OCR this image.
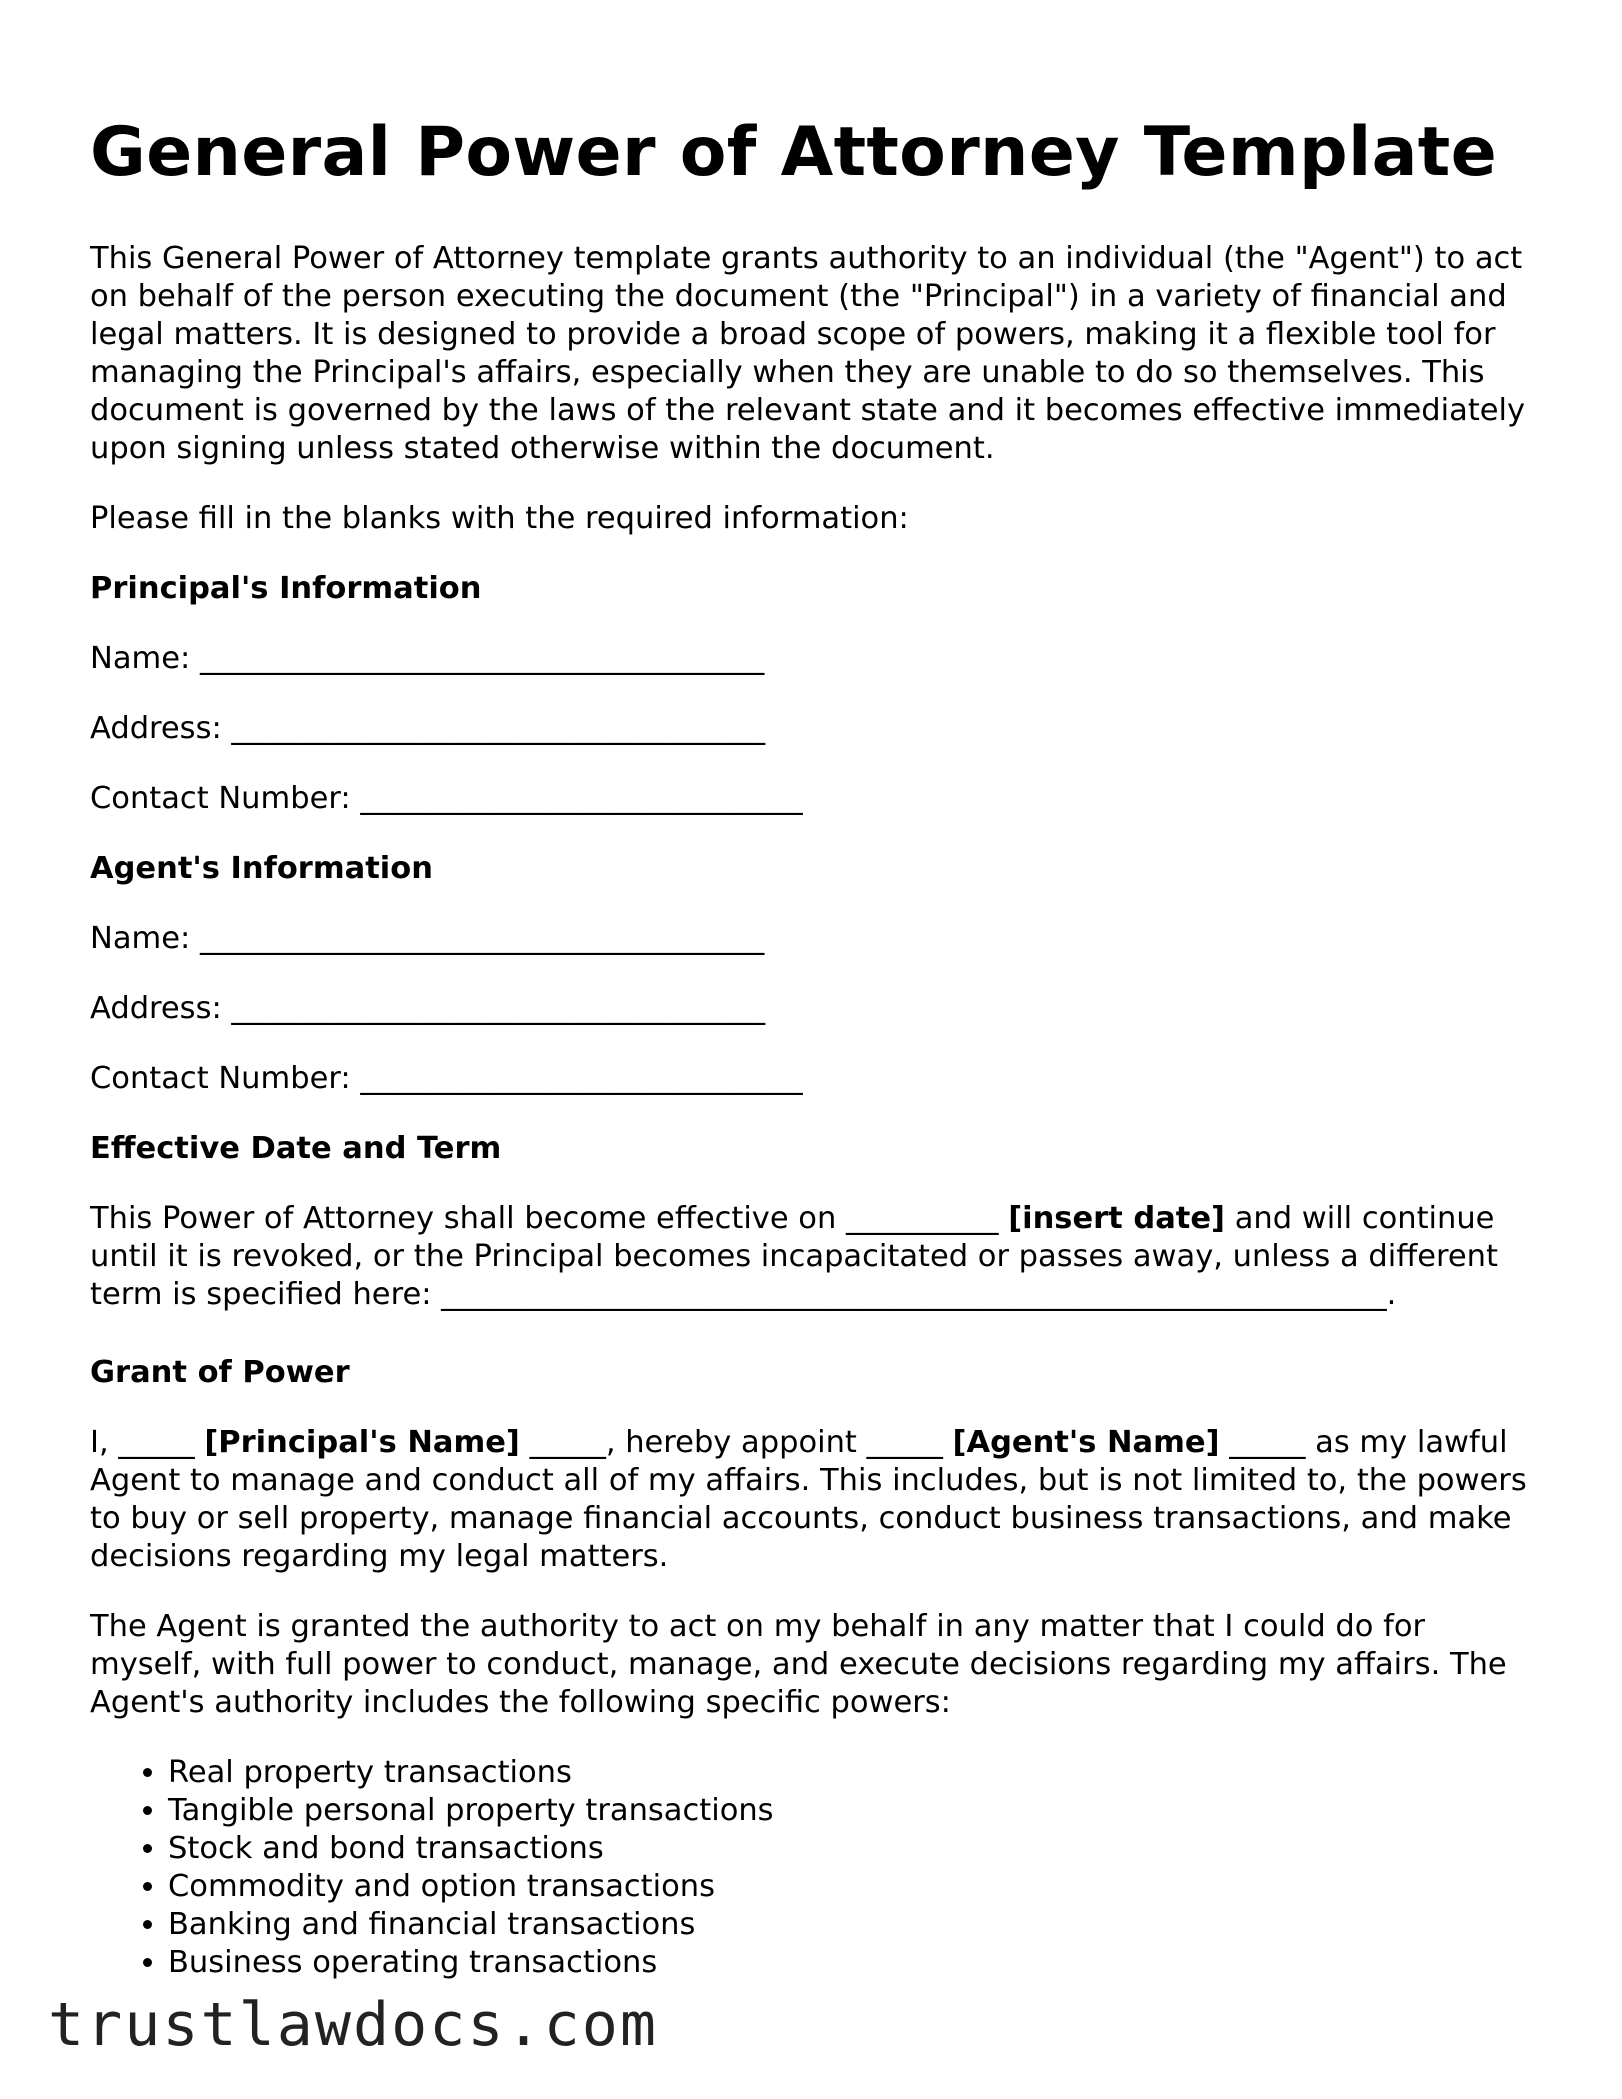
General Power of Attorney Template

This General Power of Attorney template grants authority to an individual (the "Agent") to act on behalf of the person executing the document (the "Principal") in a variety of financial and legal matters. It is designed to provide a broad scope of powers, making it a flexible tool for managing the Principal's affairs, especially when they are unable to do so themselves. This document is governed by the laws of the relevant state and it becomes effective immediately upon signing unless stated otherwise within the document.

Please fill in the blanks with the required information:

Principal's Information
Name: _____________________________________
Address: ___________________________________
Contact Number: _____________________________
Agent's Information
Name: _____________________________________
Address: ___________________________________
Contact Number: _____________________________
Effective Date and Term

This Power of Attorney shall become effective on __________ [insert date] and will continue until it is revoked, or the Principal becomes incapacitated or passes away, unless a different term is specified here: ______________________________________________________________.

Grant of Power

I, _____ [Principal's Name] _____, hereby appoint _____ [Agent's Name] _____ as my lawful Agent to manage and conduct all of my affairs. This includes, but is not limited to, the powers to buy or sell property, manage financial accounts, conduct business transactions, and make decisions regarding my legal matters.

The Agent is granted the authority to act on my behalf in any matter that I could do for myself, with full power to conduct, manage, and execute decisions regarding my affairs. The Agent's authority includes the following specific powers:

• Real property transactions
• Tangible personal property transactions
• Stock and bond transactions
• Commodity and option transactions
• Banking and financial transactions
• Business operating transactions
trustlawdocs.com
